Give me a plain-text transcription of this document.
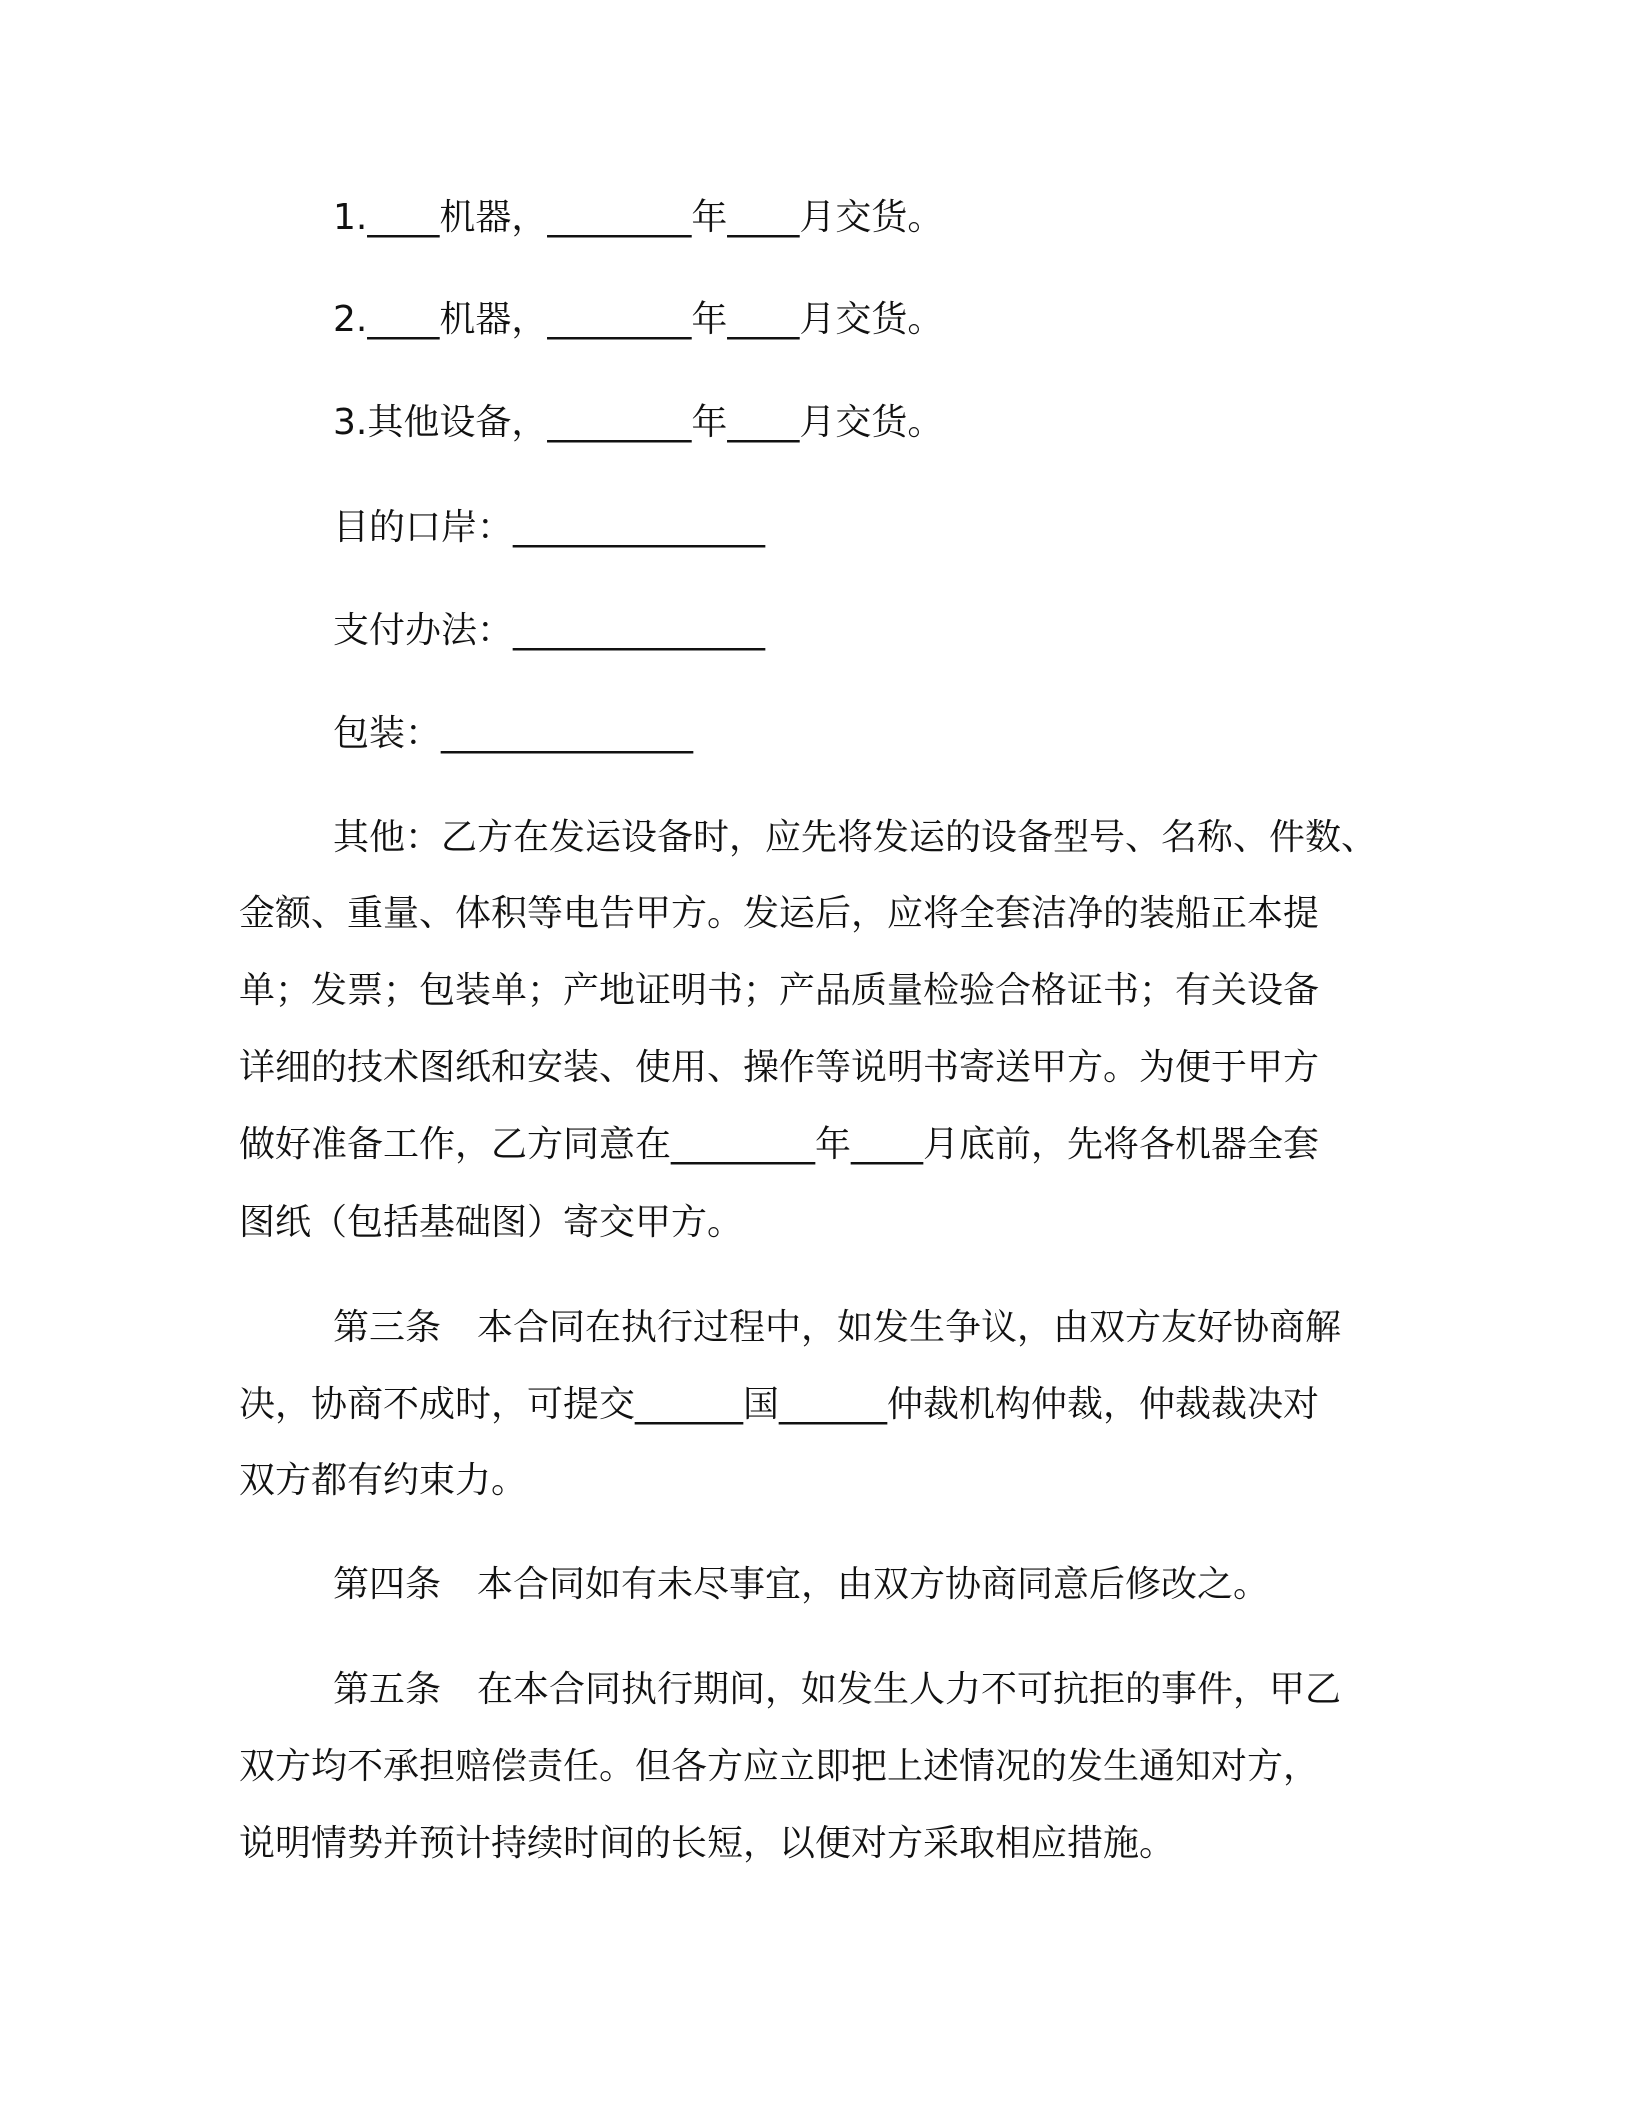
1.____机器，________年____月交货。
2.____机器，________年____月交货。
3.其他设备，________年____月交货。
目的口岸：______________
支付办法：______________
包装：______________
其他：乙方在发运设备时，应先将发运的设备型号、名称、件数、
金额、重量、体积等电告甲方。发运后，应将全套洁净的装船正本提
单；发票；包装单；产地证明书；产品质量检验合格证书；有关设备
详细的技术图纸和安装、使用、操作等说明书寄送甲方。为便于甲方
做好准备工作，乙方同意在________年____月底前，先将各机器全套
图纸（包括基础图）寄交甲方。
第三条　本合同在执行过程中，如发生争议，由双方友好协商解
决，协商不成时，可提交______国______仲裁机构仲裁，仲裁裁决对
双方都有约束力。
第四条　本合同如有未尽事宜，由双方协商同意后修改之。
第五条　在本合同执行期间，如发生人力不可抗拒的事件，甲乙
双方均不承担赔偿责任。但各方应立即把上述情况的发生通知对方，
说明情势并预计持续时间的长短，以便对方采取相应措施。
